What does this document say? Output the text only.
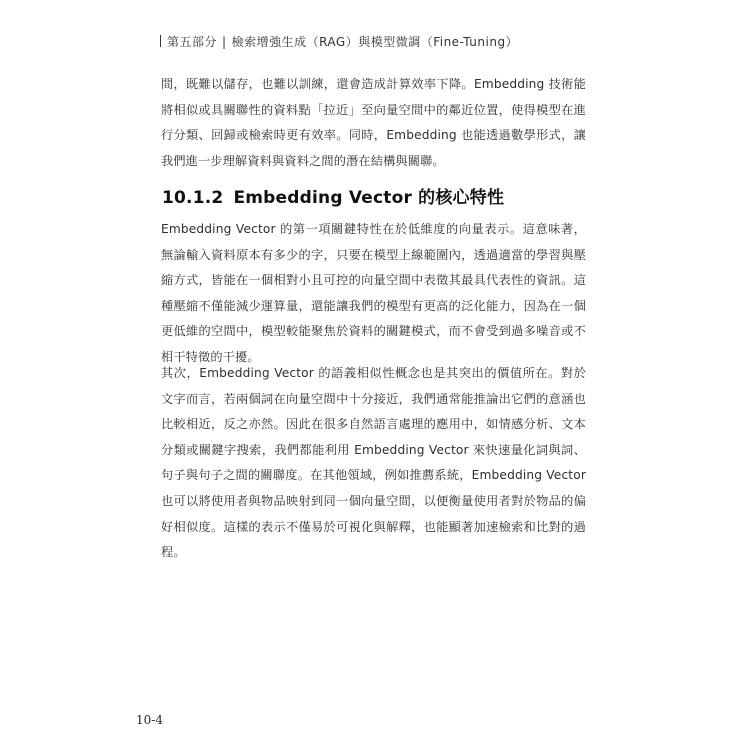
第五部分 | 檢索增強生成（RAG）與模型微調（Fine-Tuning）

間，既難以儲存，也難以訓練，還會造成計算效率下降。Embedding 技術能將相似或具關聯性的資料點「拉近」至向量空間中的鄰近位置，使得模型在進行分類、回歸或檢索時更有效率。同時，Embedding 也能透過數學形式，讓我們進一步理解資料與資料之間的潛在結構與關聯。

10.1.2 Embedding Vector 的核心特性

Embedding Vector 的第一項關鍵特性在於低維度的向量表示。這意味著，無論輸入資料原本有多少的字，只要在模型上線範圍內，透過適當的學習與壓縮方式，皆能在一個相對小且可控的向量空間中表徵其最具代表性的資訊。這種壓縮不僅能減少運算量，還能讓我們的模型有更高的泛化能力，因為在一個更低維的空間中，模型較能聚焦於資料的關鍵模式，而不會受到過多噪音或不相干特徵的干擾。

其次，Embedding Vector 的語義相似性概念也是其突出的價值所在。對於文字而言，若兩個詞在向量空間中十分接近，我們通常能推論出它們的意涵也比較相近，反之亦然。因此在很多自然語言處理的應用中，如情感分析、文本分類或關鍵字搜索，我們都能利用 Embedding Vector 來快速量化詞與詞、句子與句子之間的關聯度。在其他領域，例如推薦系統，Embedding Vector 也可以將使用者與物品映射到同一個向量空間，以便衡量使用者對於物品的偏好相似度。這樣的表示不僅易於可視化與解釋，也能顯著加速檢索和比對的過程。

10-4
